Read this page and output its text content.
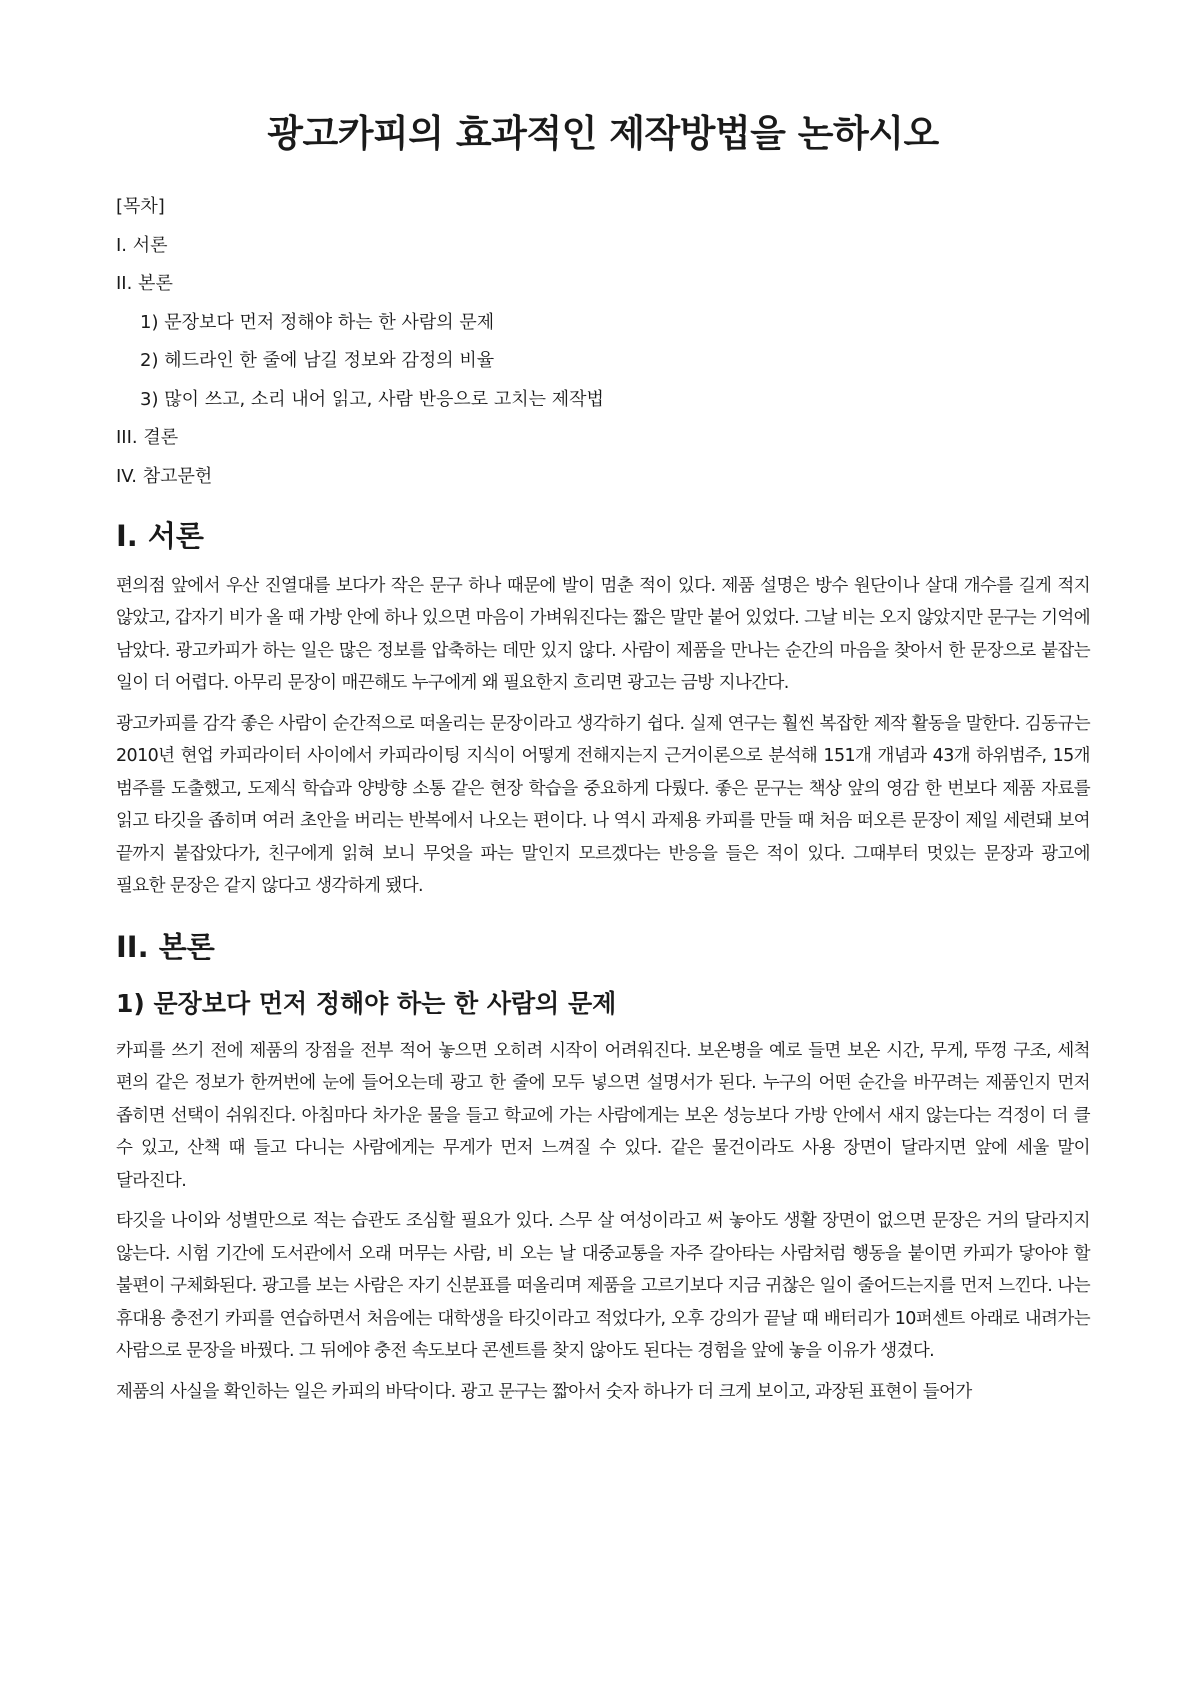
광고카피의 효과적인 제작방법을 논하시오
[목차]
I. 서론
II. 본론
1) 문장보다 먼저 정해야 하는 한 사람의 문제
2) 헤드라인 한 줄에 남길 정보와 감정의 비율
3) 많이 쓰고, 소리 내어 읽고, 사람 반응으로 고치는 제작법
III. 결론
IV. 참고문헌
I. 서론

편의점 앞에서 우산 진열대를 보다가 작은 문구 하나 때문에 발이 멈춘 적이 있다. 제품 설명은 방수 원단이나 살대 개수를 길게 적지 않았고, 갑자기 비가 올 때 가방 안에 하나 있으면 마음이 가벼워진다는 짧은 말만 붙어 있었다. 그날 비는 오지 않았지만 문구는 기억에 남았다. 광고카피가 하는 일은 많은 정보를 압축하는 데만 있지 않다. 사람이 제품을 만나는 순간의 마음을 찾아서 한 문장으로 붙잡는 일이 더 어렵다. 아무리 문장이 매끈해도 누구에게 왜 필요한지 흐리면 광고는 금방 지나간다.

광고카피를 감각 좋은 사람이 순간적으로 떠올리는 문장이라고 생각하기 쉽다. 실제 연구는 훨씬 복잡한 제작 활동을 말한다. 김동규는 2010년 현업 카피라이터 사이에서 카피라이팅 지식이 어떻게 전해지는지 근거이론으로 분석해 151개 개념과 43개 하위범주, 15개 범주를 도출했고, 도제식 학습과 양방향 소통 같은 현장 학습을 중요하게 다뤘다. 좋은 문구는 책상 앞의 영감 한 번보다 제품 자료를 읽고 타깃을 좁히며 여러 초안을 버리는 반복에서 나오는 편이다. 나 역시 과제용 카피를 만들 때 처음 떠오른 문장이 제일 세련돼 보여 끝까지 붙잡았다가, 친구에게 읽혀 보니 무엇을 파는 말인지 모르겠다는 반응을 들은 적이 있다. 그때부터 멋있는 문장과 광고에 필요한 문장은 같지 않다고 생각하게 됐다.

II. 본론
1) 문장보다 먼저 정해야 하는 한 사람의 문제

카피를 쓰기 전에 제품의 장점을 전부 적어 놓으면 오히려 시작이 어려워진다. 보온병을 예로 들면 보온 시간, 무게, 뚜껑 구조, 세척 편의 같은 정보가 한꺼번에 눈에 들어오는데 광고 한 줄에 모두 넣으면 설명서가 된다. 누구의 어떤 순간을 바꾸려는 제품인지 먼저 좁히면 선택이 쉬워진다. 아침마다 차가운 물을 들고 학교에 가는 사람에게는 보온 성능보다 가방 안에서 새지 않는다는 걱정이 더 클 수 있고, 산책 때 들고 다니는 사람에게는 무게가 먼저 느껴질 수 있다. 같은 물건이라도 사용 장면이 달라지면 앞에 세울 말이 달라진다.

타깃을 나이와 성별만으로 적는 습관도 조심할 필요가 있다. 스무 살 여성이라고 써 놓아도 생활 장면이 없으면 문장은 거의 달라지지 않는다. 시험 기간에 도서관에서 오래 머무는 사람, 비 오는 날 대중교통을 자주 갈아타는 사람처럼 행동을 붙이면 카피가 닿아야 할 불편이 구체화된다. 광고를 보는 사람은 자기 신분표를 떠올리며 제품을 고르기보다 지금 귀찮은 일이 줄어드는지를 먼저 느낀다. 나는 휴대용 충전기 카피를 연습하면서 처음에는 대학생을 타깃이라고 적었다가, 오후 강의가 끝날 때 배터리가 10퍼센트 아래로 내려가는 사람으로 문장을 바꿨다. 그 뒤에야 충전 속도보다 콘센트를 찾지 않아도 된다는 경험을 앞에 놓을 이유가 생겼다.

제품의 사실을 확인하는 일은 카피의 바닥이다. 광고 문구는 짧아서 숫자 하나가 더 크게 보이고, 과장된 표현이 들어가
